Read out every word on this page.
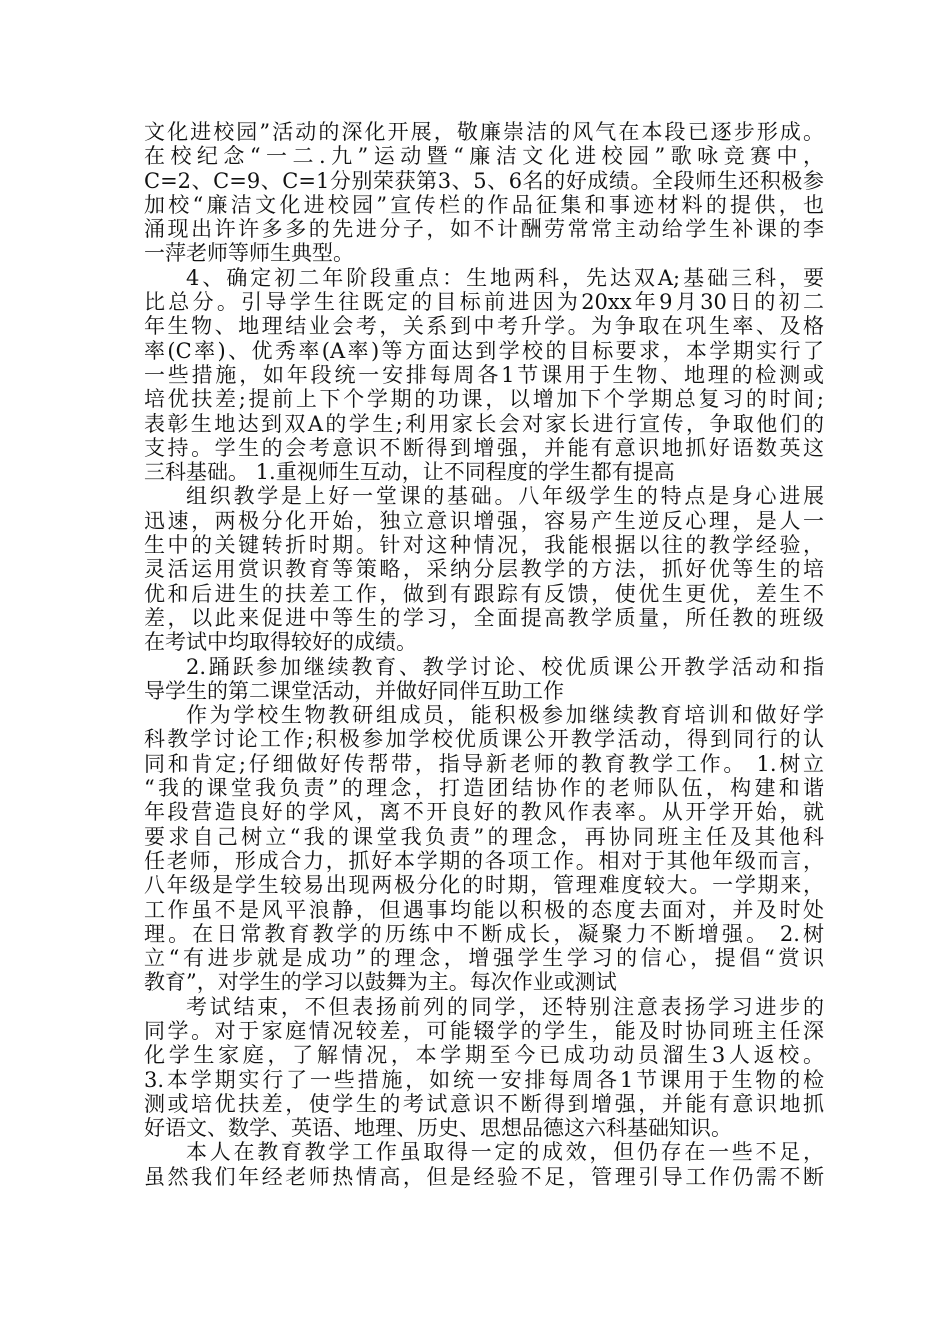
文化进校园”活动的深化开展，敬廉崇洁的风气在本段已逐步形成。
在校纪念“一二.九”运动暨“廉洁文化进校园”歌咏竞赛中，
C=2、C=9、C=1分别荣获第3、5、6名的好成绩。全段师生还积极参
加校“廉洁文化进校园”宣传栏的作品征集和事迹材料的提供，也
涌现出许许多多的先进分子，如不计酬劳常常主动给学生补课的李
一萍老师等师生典型。
4、确定初二年阶段重点：生地两科，先达双A;基础三科，要
比总分。引导学生往既定的目标前进因为20xx年9月30日的初二
年生物、地理结业会考，关系到中考升学。为争取在巩生率、及格
率(C率)、优秀率(A率)等方面达到学校的目标要求，本学期实行了
一些措施，如年段统一安排每周各1节课用于生物、地理的检测或
培优扶差;提前上下个学期的功课，以增加下个学期总复习的时间;
表彰生地达到双A的学生;利用家长会对家长进行宣传，争取他们的
支持。学生的会考意识不断得到增强，并能有意识地抓好语数英这
三科基础。 1.重视师生互动，让不同程度的学生都有提高
组织教学是上好一堂课的基础。八年级学生的特点是身心进展
迅速，两极分化开始，独立意识增强，容易产生逆反心理，是人一
生中的关键转折时期。针对这种情况，我能根据以往的教学经验，
灵活运用赏识教育等策略，采纳分层教学的方法，抓好优等生的培
优和后进生的扶差工作，做到有跟踪有反馈，使优生更优，差生不
差，以此来促进中等生的学习，全面提高教学质量，所任教的班级
在考试中均取得较好的成绩。
2.踊跃参加继续教育、教学讨论、校优质课公开教学活动和指
导学生的第二课堂活动，并做好同伴互助工作
作为学校生物教研组成员，能积极参加继续教育培训和做好学
科教学讨论工作;积极参加学校优质课公开教学活动，得到同行的认
同和肯定;仔细做好传帮带，指导新老师的教育教学工作。 1.树立
“我的课堂我负责”的理念，打造团结协作的老师队伍，构建和谐
年段营造良好的学风，离不开良好的教风作表率。从开学开始，就
要求自己树立“我的课堂我负责”的理念，再协同班主任及其他科
任老师，形成合力，抓好本学期的各项工作。相对于其他年级而言，
八年级是学生较易出现两极分化的时期，管理难度较大。一学期来，
工作虽不是风平浪静，但遇事均能以积极的态度去面对，并及时处
理。在日常教育教学的历练中不断成长，凝聚力不断增强。 2.树
立“有进步就是成功”的理念，增强学生学习的信心，提倡“赏识
教育”，对学生的学习以鼓舞为主。每次作业或测试
考试结束，不但表扬前列的同学，还特别注意表扬学习进步的
同学。对于家庭情况较差，可能辍学的学生，能及时协同班主任深
化学生家庭，了解情况，本学期至今已成功动员溜生3人返校。
3.本学期实行了一些措施，如统一安排每周各1节课用于生物的检
测或培优扶差，使学生的考试意识不断得到增强，并能有意识地抓
好语文、数学、英语、地理、历史、思想品德这六科基础知识。
本人在教育教学工作虽取得一定的成效，但仍存在一些不足，
虽然我们年经老师热情高，但是经验不足，管理引导工作仍需不断
